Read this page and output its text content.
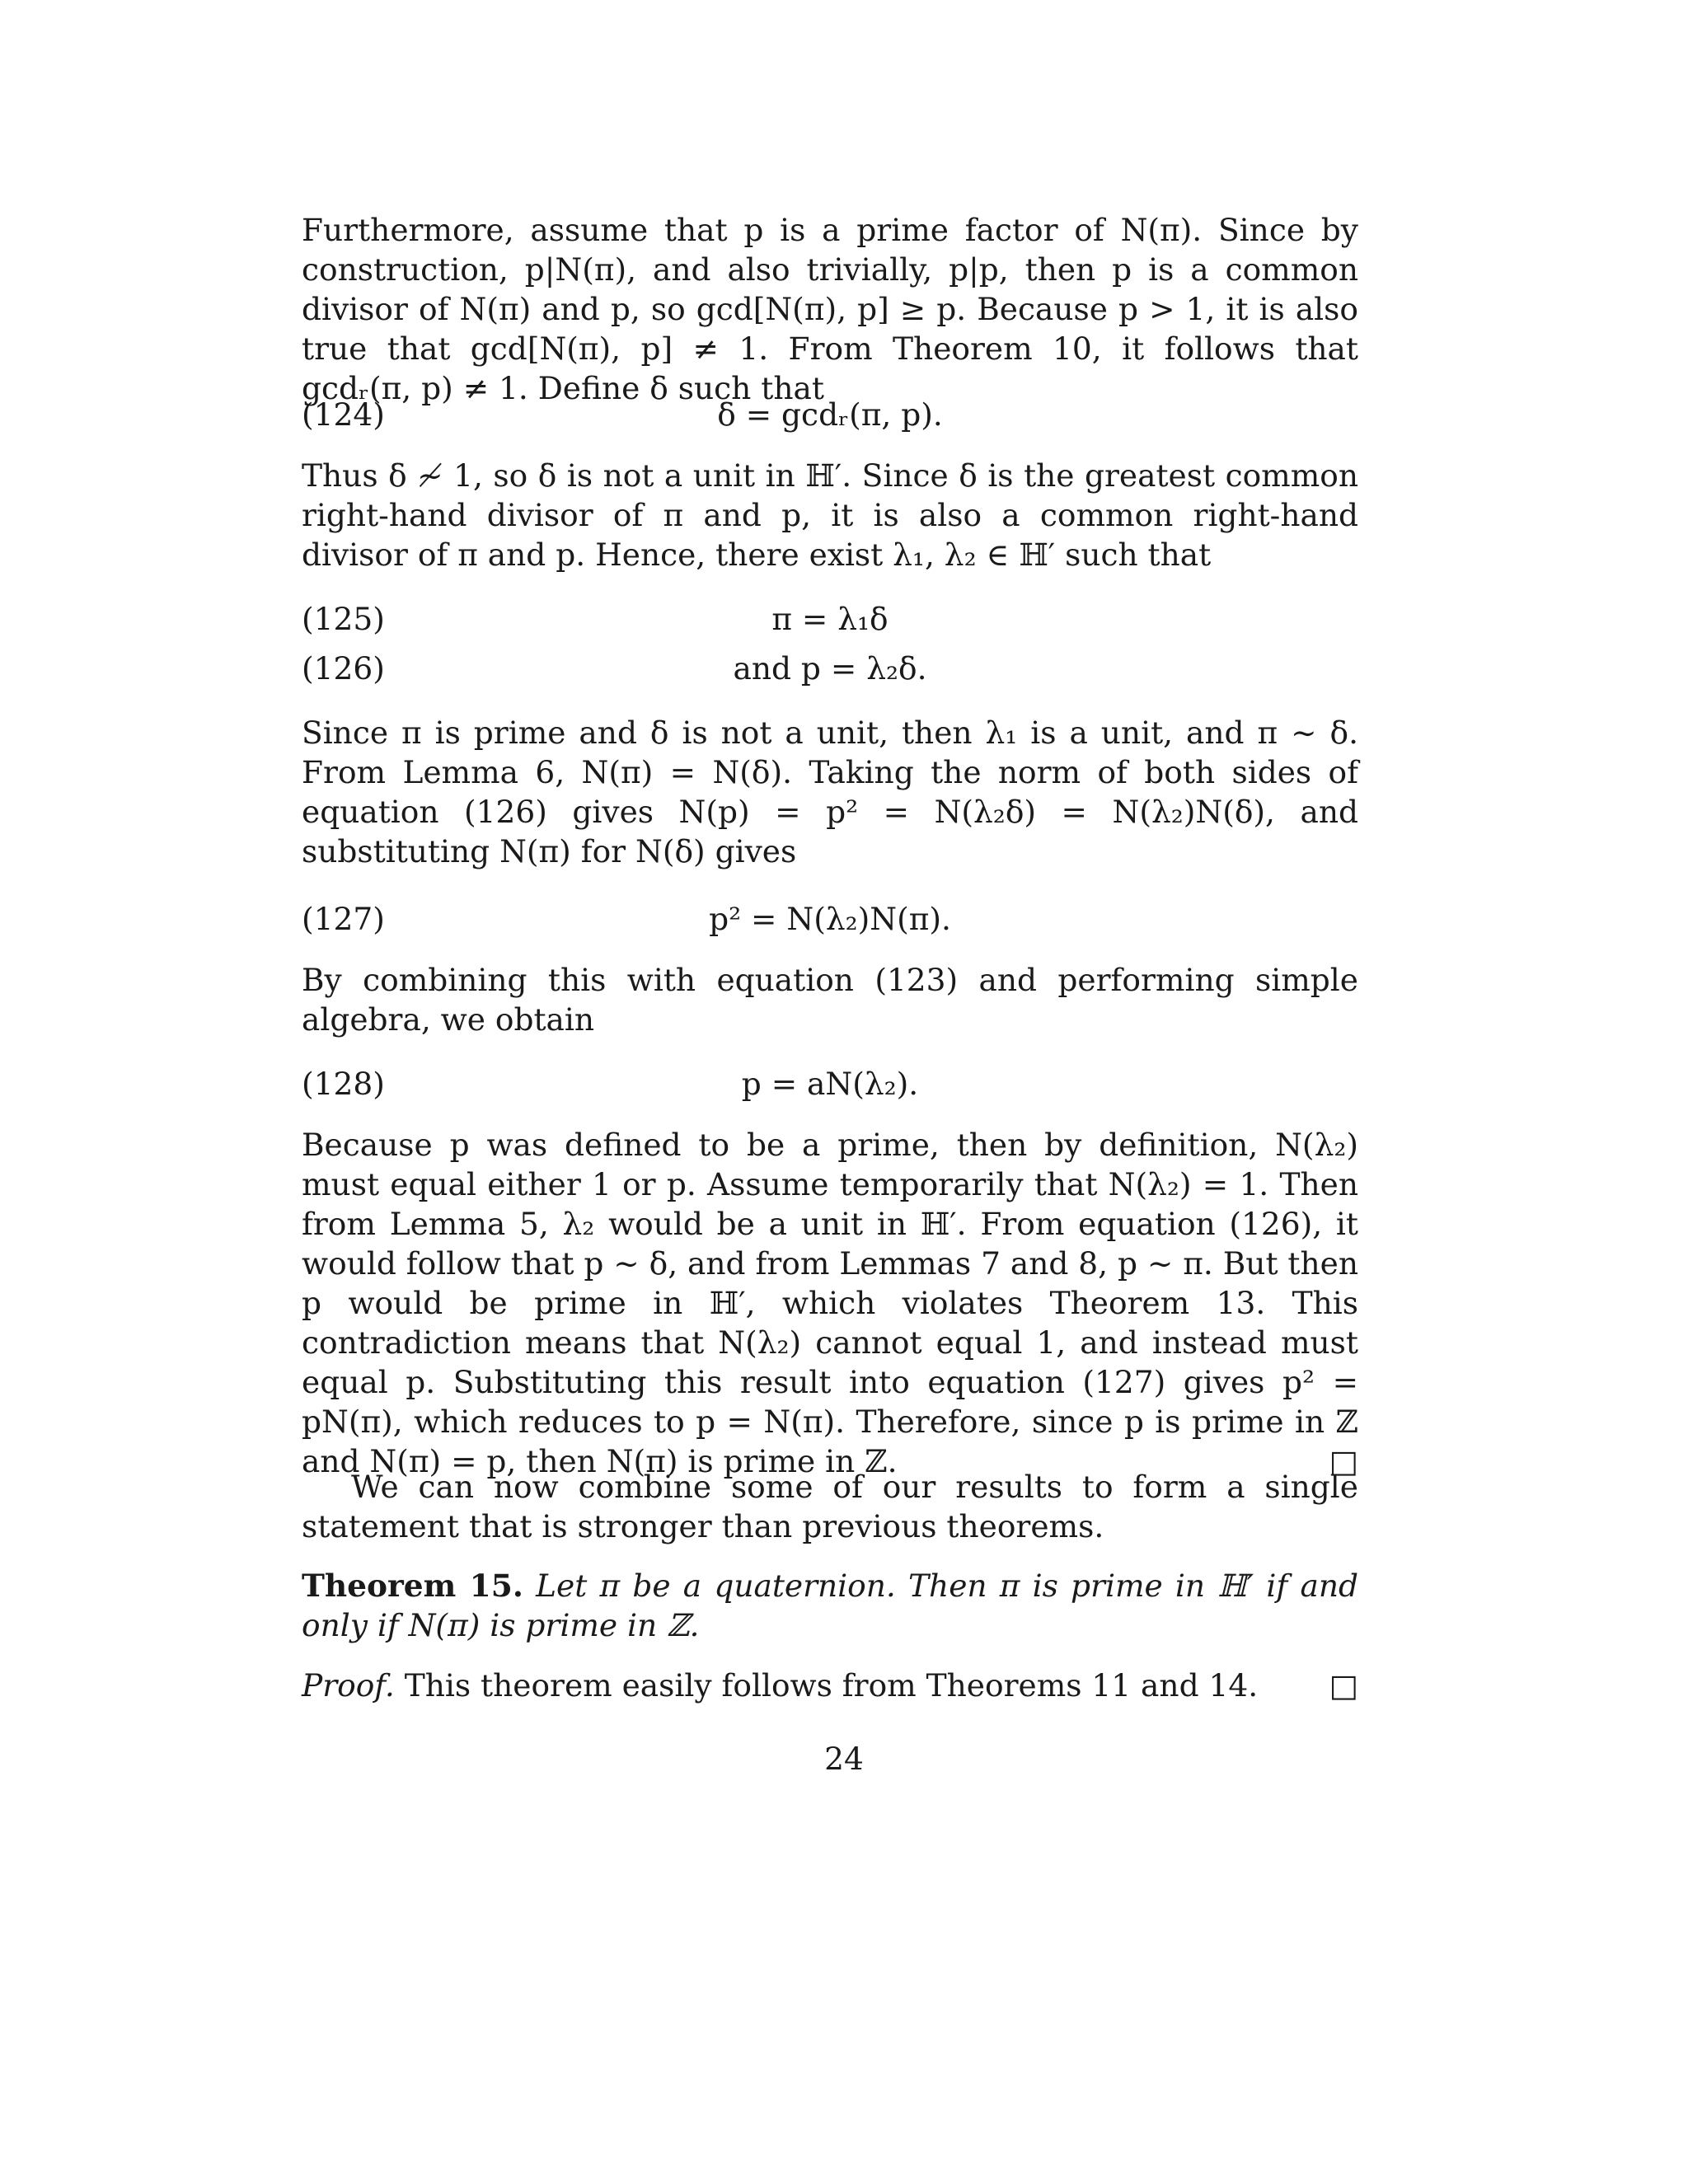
Furthermore, assume that p is a prime factor of N(π). Since by construction, p|N(π), and also trivially, p|p, then p is a common divisor of N(π) and p, so gcd[N(π), p] ≥ p. Because p > 1, it is also true that gcd[N(π), p] ≠ 1. From Theorem 10, it follows that gcdᵣ(π, p) ≠ 1. Define δ such that

(124)	δ = gcdᵣ(π, p).

Thus δ ≁ 1, so δ is not a unit in ℍ′. Since δ is the greatest common right-hand divisor of π and p, it is also a common right-hand divisor of π and p. Hence, there exist λ₁, λ₂ ∈ ℍ′ such that

(125)	π = λ₁δ
(126)	and p = λ₂δ.

Since π is prime and δ is not a unit, then λ₁ is a unit, and π ∼ δ. From Lemma 6, N(π) = N(δ). Taking the norm of both sides of equation (126) gives N(p) = p² = N(λ₂δ) = N(λ₂)N(δ), and substituting N(π) for N(δ) gives

(127)	p² = N(λ₂)N(π).

By combining this with equation (123) and performing simple algebra, we obtain

(128)	p = aN(λ₂).

Because p was defined to be a prime, then by definition, N(λ₂) must equal either 1 or p. Assume temporarily that N(λ₂) = 1. Then from Lemma 5, λ₂ would be a unit in ℍ′. From equation (126), it would follow that p ∼ δ, and from Lemmas 7 and 8, p ∼ π. But then p would be prime in ℍ′, which violates Theorem 13. This contradiction means that N(λ₂) cannot equal 1, and instead must equal p. Substituting this result into equation (127) gives p² = pN(π), which reduces to p = N(π). Therefore, since p is prime in ℤ and N(π) = p, then N(π) is prime in ℤ.	□

We can now combine some of our results to form a single statement that is stronger than previous theorems.

Theorem 15. Let π be a quaternion. Then π is prime in ℍ′ if and only if N(π) is prime in ℤ.

Proof. This theorem easily follows from Theorems 11 and 14. □

24
